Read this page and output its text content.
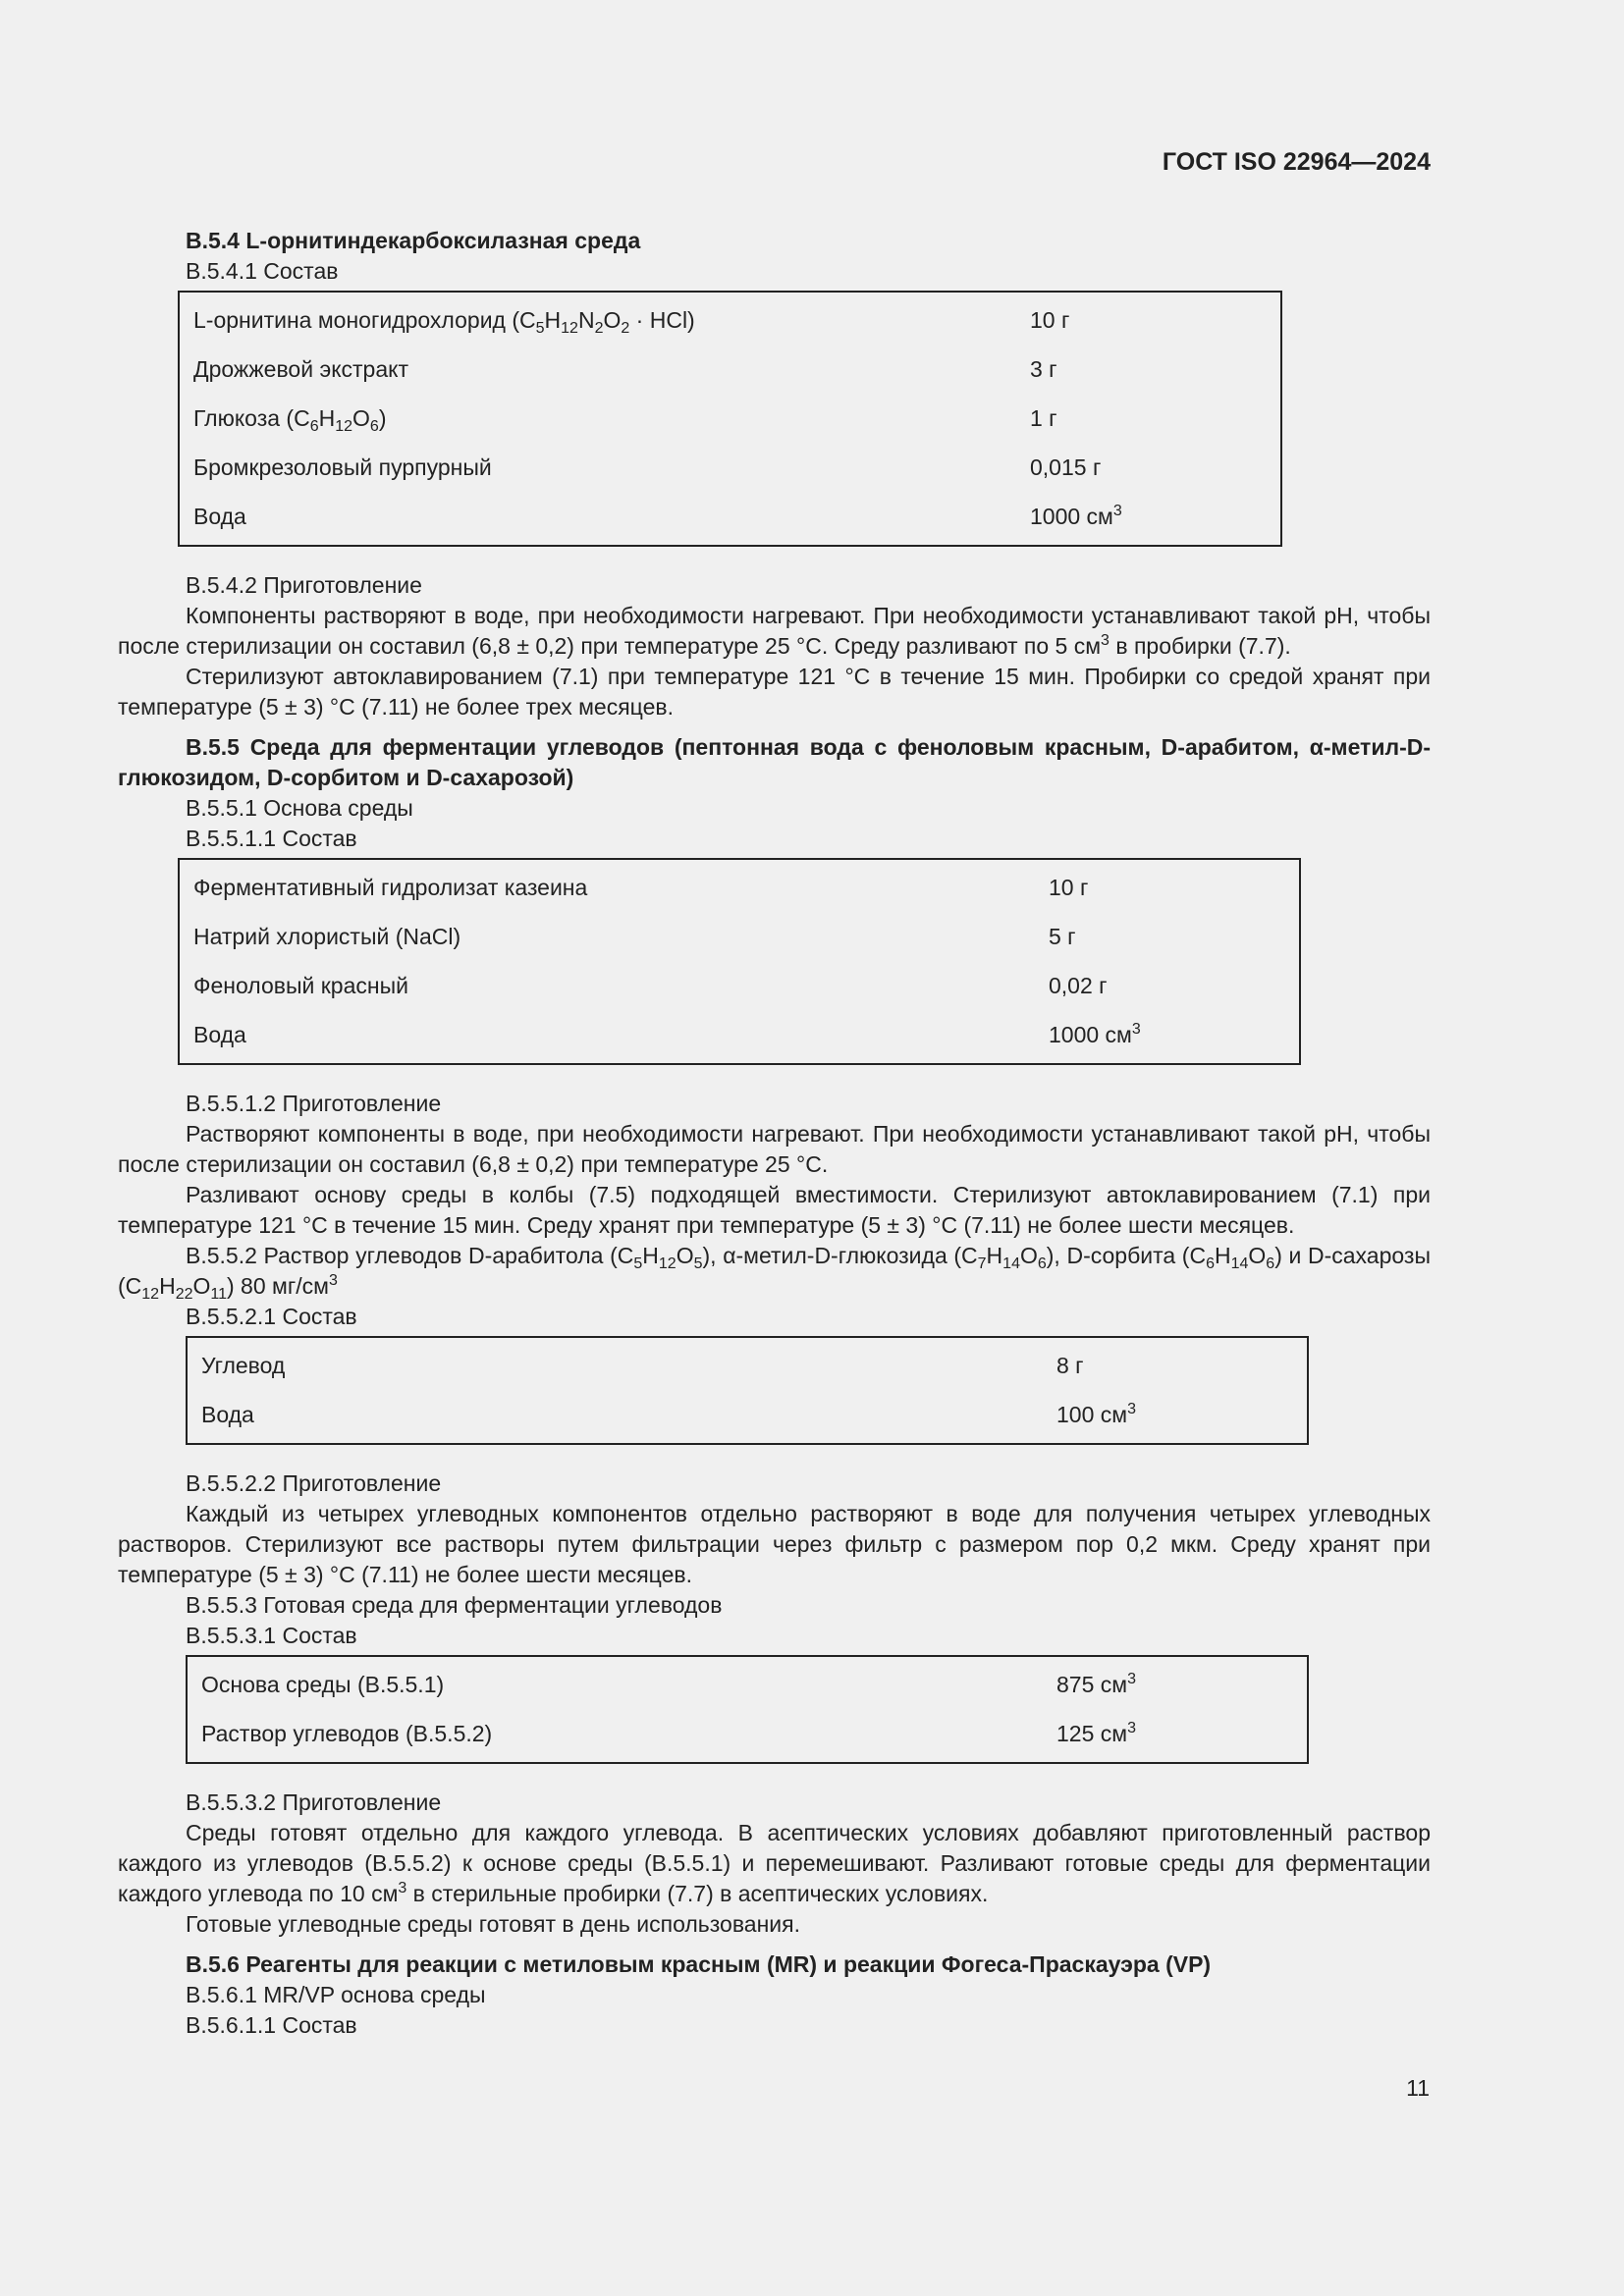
ГОСТ ISO 22964—2024

В.5.4 L-орнитиндекарбоксилазная среда

В.5.4.1 Состав

L-орнитина моногидрохлорид $(С_5Н_{12}N_2O_2 \cdot HCl)$	10 г
Дрожжевой экстракт	3 г
Глюкоза $(С_6Н_{12}О_6)$	1 г
Бромкрезоловый пурпурный	0,015 г
Вода	1000 $см^3$

В.5.4.2 Приготовление

Компоненты растворяют в воде, при необходимости нагревают. При необходимости устанавливают такой рН, чтобы после стерилизации он составил (6,8 ± 0,2) при температуре 25 °С. Среду разливают по 5 $см^3$ в пробирки (7.7).

Стерилизуют автоклавированием (7.1) при температуре 121 °С в течение 15 мин. Пробирки со средой хранят при температуре (5 ± 3) °С (7.11) не более трех месяцев.

В.5.5 Среда для ферментации углеводов (пептонная вода с феноловым красным, D-арабитом, α-метил-D-глюкозидом, D-сорбитом и D-сахарозой)

В.5.5.1 Основа среды

В.5.5.1.1 Состав

Ферментативный гидролизат казеина	10 г
Натрий хлористый (NaCl)	5 г
Феноловый красный	0,02 г
Вода	1000 $см^3$

В.5.5.1.2 Приготовление

Растворяют компоненты в воде, при необходимости нагревают. При необходимости устанавливают такой рН, чтобы после стерилизации он составил (6,8 ± 0,2) при температуре 25 °С.

Разливают основу среды в колбы (7.5) подходящей вместимости. Стерилизуют автоклавированием (7.1) при температуре 121 °С в течение 15 мин. Среду хранят при температуре (5 ± 3) °С (7.11) не более шести месяцев.

В.5.5.2 Раствор углеводов D-арабитола $(С_5Н_{12}О_5)$, α-метил-D-глюкозида $(С_7Н_{14}О_6)$, D-сорбита $(С_6Н_{14}О_6)$ и D-сахарозы $(С_{12}Н_{22}О_{11})$ 80 $мг/см^3$

В.5.5.2.1 Состав

Углевод	8 г
Вода	100 $см^3$

В.5.5.2.2 Приготовление

Каждый из четырех углеводных компонентов отдельно растворяют в воде для получения четырех углеводных растворов. Стерилизуют все растворы путем фильтрации через фильтр с размером пор 0,2 мкм. Среду хранят при температуре (5 ± 3) °С (7.11) не более шести месяцев.

В.5.5.3 Готовая среда для ферментации углеводов

В.5.5.3.1 Состав

Основа среды (В.5.5.1)	875 $см^3$
Раствор углеводов (В.5.5.2)	125 $см^3$

В.5.5.3.2 Приготовление

Среды готовят отдельно для каждого углевода. В асептических условиях добавляют приготовленный раствор каждого из углеводов (В.5.5.2) к основе среды (В.5.5.1) и перемешивают. Разливают готовые среды для ферментации каждого углевода по 10 $см^3$ в стерильные пробирки (7.7) в асептических условиях.

Готовые углеводные среды готовят в день использования.

В.5.6 Реагенты для реакции с метиловым красным (MR) и реакции Фогеса-Праскауэра (VP)

В.5.6.1 MR/VP основа среды

В.5.6.1.1 Состав

11
